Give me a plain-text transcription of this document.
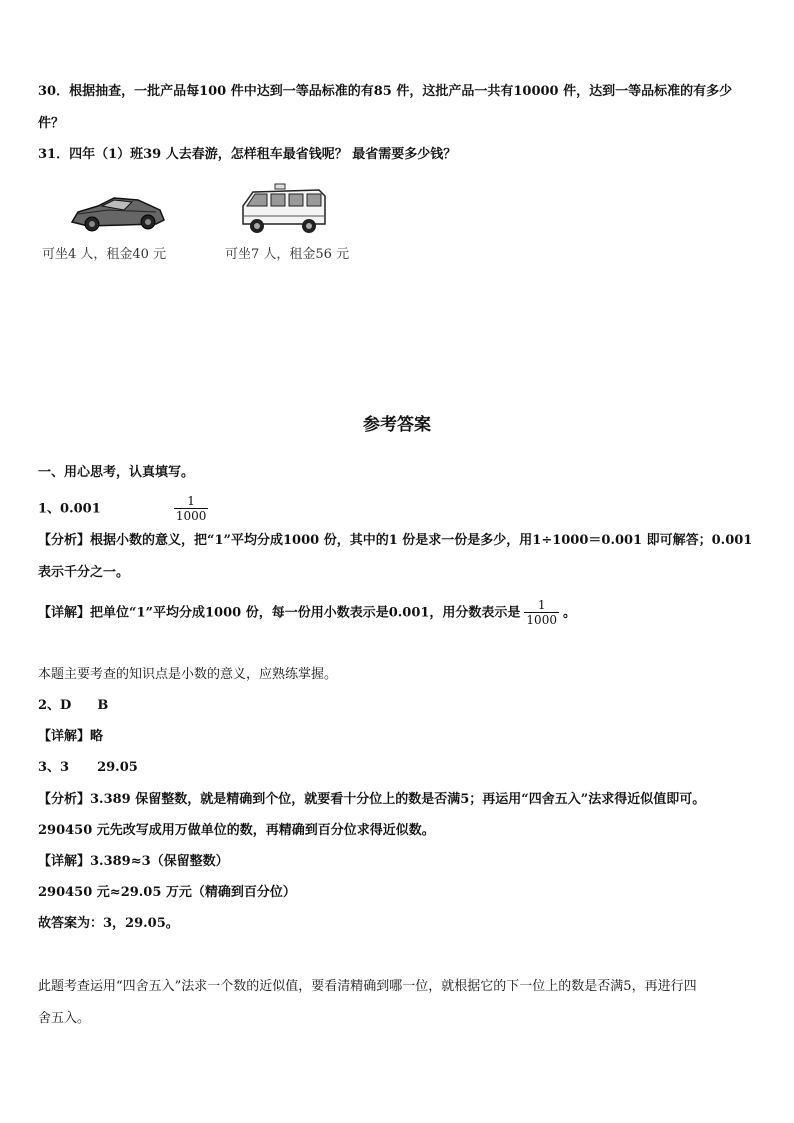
30．根据抽查，一批产品每100 件中达到一等品标准的有85 件，这批产品一共有10000 件，达到一等品标准的有多少
件？
31．四年（1）班39 人去春游，怎样租车最省钱呢？ 最省需要多少钱？
可坐4 人，租金40 元	可坐7 人，租金56 元
参考答案
一、用心思考，认真填写。
1、0.001	$\frac{1}{1000}$
【分析】根据小数的意义，把“1”平均分成1000 份，其中的1 份是求一份是多少，用1÷1000＝0.001 即可解答；0.001
表示千分之一。
【详解】把单位“1”平均分成1000 份，每一份用小数表示是0.001，用分数表示是 $\frac{1}{1000}$ 。
本题主要考查的知识点是小数的意义，应熟练掌握。
2、D B
【详解】略
3、3 29.05
【分析】3.389 保留整数，就是精确到个位，就要看十分位上的数是否满5；再运用“四舍五入”法求得近似值即可。
290450 元先改写成用万做单位的数，再精确到百分位求得近似数。
【详解】3.389≈3（保留整数）
290450 元≈29.05 万元（精确到百分位）
故答案为：3，29.05。
此题考查运用“四舍五入”法求一个数的近似值，要看清精确到哪一位，就根据它的下一位上的数是否满5，再进行四
舍五入。
